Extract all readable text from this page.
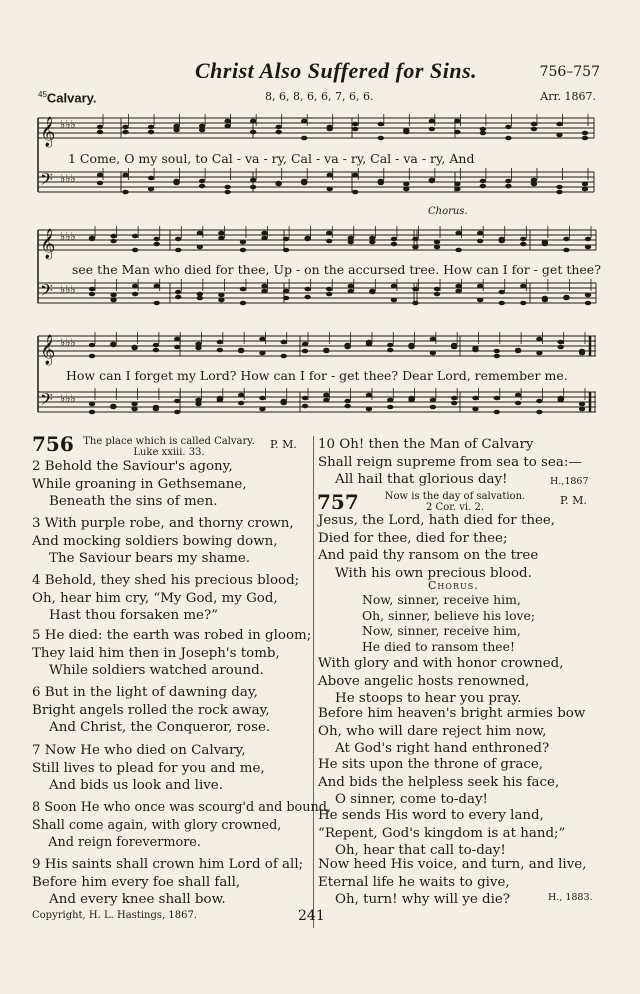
Christ Also Suffered for Sins.	756–757
$^{45}$Calvary.	8, 6, 8, 6, 6, 7, 6, 6.	Arr. 1867.
Chorus.
𝄞
𝄢
𝄞
𝄢
𝄞
𝄢
♭♭♭
♭♭♭
♭♭♭
♭♭♭
♭♭♭
♭♭♭
1 Come, O my soul, to Cal - va - ry, Cal - va - ry, Cal - va - ry, And
see the Man who died for thee, Up - on the accursed tree. How can I for - get thee?
How can I forget my Lord? How can I for - get thee? Dear Lord, remember me.
756 The place which is called Calvary.
Luke xxiii. 33.
P. M.
2 Behold the Saviour's agony,
While groaning in Gethsemane,
Beneath the sins of men.
3 With purple robe, and thorny crown,
And mocking soldiers bowing down,
The Saviour bears my shame.
4 Behold, they shed his precious blood;
Oh, hear him cry, “My God, my God,
Hast thou forsaken me?”
5 He died: the earth was robed in gloom;
They laid him then in Joseph's tomb,
While soldiers watched around.
6 But in the light of dawning day,
Bright angels rolled the rock away,
And Christ, the Conqueror, rose.
7 Now He who died on Calvary,
Still lives to plead for you and me,
And bids us look and live.
8 Soon He who once was scourg'd and bound,
Shall come again, with glory crowned,
And reign forevermore.
9 His saints shall crown him Lord of all;
Before him every foe shall fall,
And every knee shall bow.
10 Oh! then the Man of Calvary
Shall reign supreme from sea to sea:—
All hail that glorious day!	H.,1867
757	Now is the day of salvation.
2 Cor. vi. 2.
P. M.
Jesus, the Lord, hath died for thee,
Died for thee, died for thee;
And paid thy ransom on the tree
With his own precious blood.
Chorus.
Now, sinner, receive him,
Oh, sinner, believe his love;
Now, sinner, receive him,
He died to ransom thee!
With glory and with honor crowned,
Above angelic hosts renowned,
He stoops to hear you pray.
Before him heaven's bright armies bow
Oh, who will dare reject him now,
At God's right hand enthroned?
He sits upon the throne of grace,
And bids the helpless seek his face,
O sinner, come to-day!
He sends His word to every land,
“Repent, God's kingdom is at hand;”
Oh, hear that call to-day!
Now heed His voice, and turn, and live,
Eternal life he waits to give,
Oh, turn! why will ye die?	H., 1883.
Copyright, H. L. Hastings, 1867.	241
